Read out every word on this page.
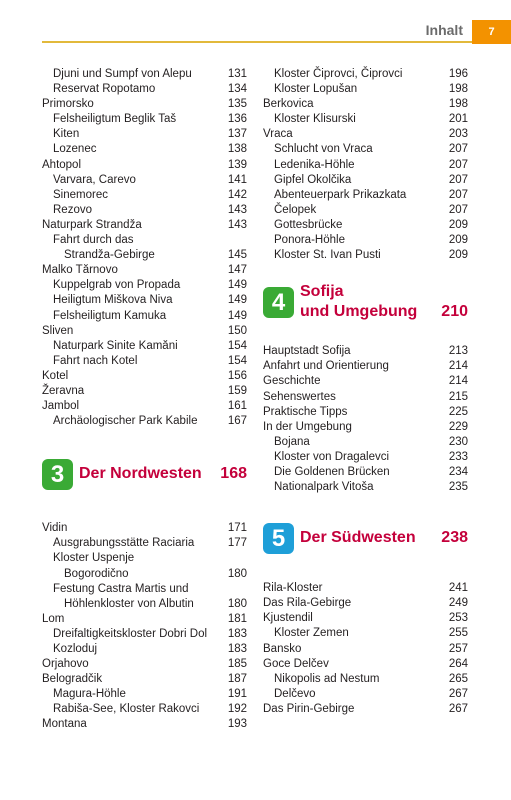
Inhalt	7
Djuni und Sumpf von Alepu	131
Reservat Ropotamo	134
Primorsko	135
Felsheiligtum Beglik Taš	136
Kiten	137
Lozenec	138
Ahtopol	139
Varvara, Carevo	141
Sinemorec	142
Rezovo	143
Naturpark Strandža	143
Fahrt durch das
Strandža-Gebirge	145
Malko Tărnovo	147
Kuppelgrab von Propada	149
Heiligtum Miškova Niva	149
Felsheiligtum Kamuka	149
Sliven	150
Naturpark Sinite Kamăni	154
Fahrt nach Kotel	154
Kotel	156
Žeravna	159
Jambol	161
Archäologischer Park Kabile	167
3 Der Nordwesten 168
Vidin	171
Ausgrabungsstätte Raciaria	177
Kloster Uspenje
Bogorodično	180
Festung Castra Martis und
Höhlenkloster von Albutin	180
Lom	181
Dreifaltigkeitskloster Dobri Dol 183
Kozloduj	183
Orjahovo	185
Belogradčik	187
Magura-Höhle	191
Rabiša-See, Kloster Rakovci 192
Montana	193
Kloster Čiprovci, Čiprovci	196
Kloster Lopušan	198
Berkovica	198
Kloster Klisurski	201
Vraca	203
Schlucht von Vraca	207
Ledenika-Höhle	207
Gipfel Okolčika	207
Abenteuerpark Prikazkata	207
Čelopek	207
Gottesbrücke	209
Ponora-Höhle	209
Kloster St. Ivan Pusti	209
4 Sofija
und Umgebung 210
Hauptstadt Sofija	213
Anfahrt und Orientierung	214
Geschichte	214
Sehenswertes	215
Praktische Tipps	225
In der Umgebung	229
Bojana	230
Kloster von Dragalevci	233
Die Goldenen Brücken	234
Nationalpark Vitoša	235
5 Der Südwesten 238
Rila-Kloster	241
Das Rila-Gebirge	249
Kjustendil	253
Kloster Zemen	255
Bansko	257
Goce Delčev	264
Nikopolis ad Nestum	265
Delčevo	267
Das Pirin-Gebirge	267
